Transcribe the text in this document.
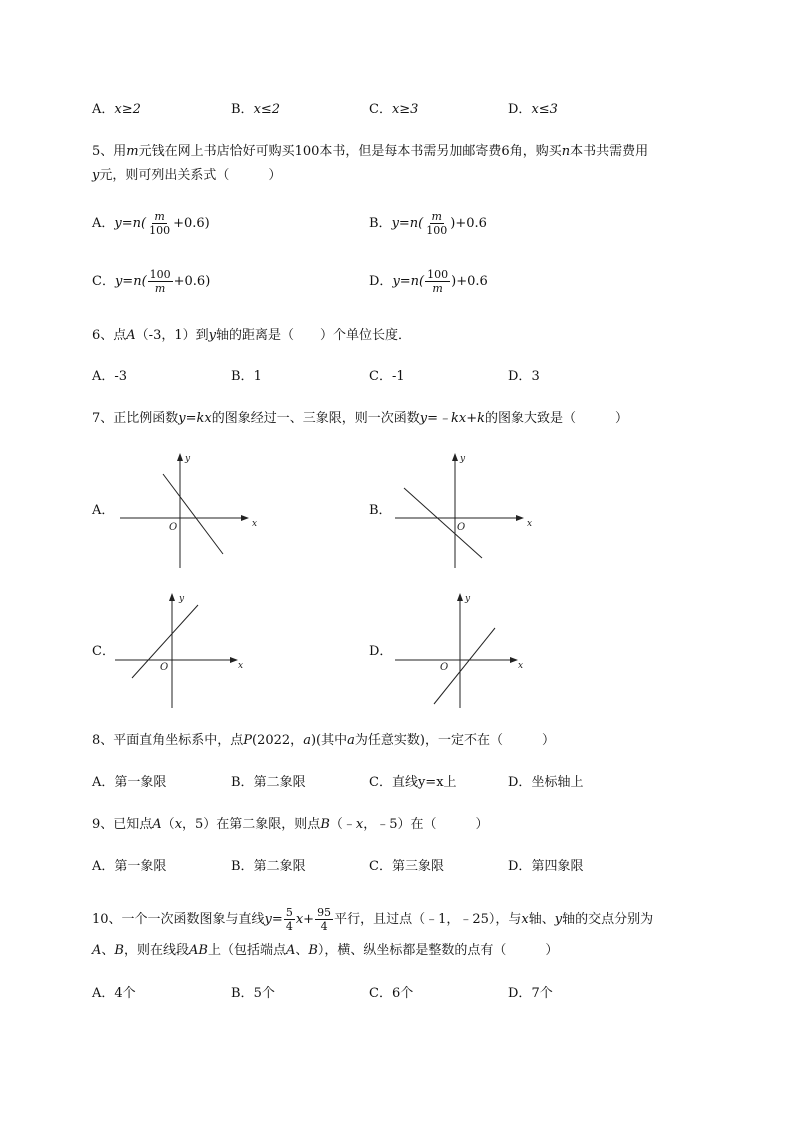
A．x≥2	B．x≤2	C．x≥3	D．x≤3
5、用m元钱在网上书店恰好可购买100本书，但是每本书需另加邮寄费6角，购买n本书共需费用
y元，则可列出关系式（　　　）
A．$y=n( \frac{m}{100} +0.6)$	B．$y=n( \frac{m}{100} )+0.6$
C．$y=n( \frac{100}{m} +0.6)$	D．$y=n( \frac{100}{m} )+0.6$
6、点A（-3，1）到y轴的距离是（　　）个单位长度．
A．-3	B．1	C．-1	D．3
7、正比例函数y=kx的图象经过一、三象限，则一次函数y=﹣kx+k的图象大致是（　　　）
A．
x
y
O
B．
x
y
O
C．
x
y
O
D．
x
y
O
8、平面直角坐标系中，点P(2022，a)(其中a为任意实数)，一定不在（　　　）
A．第一象限	B．第二象限	C．直线y=x上	D．坐标轴上
9、已知点A（x，5）在第二象限，则点B（﹣x，﹣5）在（　　　）
A．第一象限	B．第二象限	C．第三象限	D．第四象限
10、一个一次函数图象与直线$y= \frac{5}{4} x+ \frac{95}{4}$ 平行，且过点（﹣1，﹣25），与x轴、y轴的交点分别为
A、B，则在线段AB上（包括端点A、B），横、纵坐标都是整数的点有（　　　）
A．4个	B．5个	C．6个	D．7个
